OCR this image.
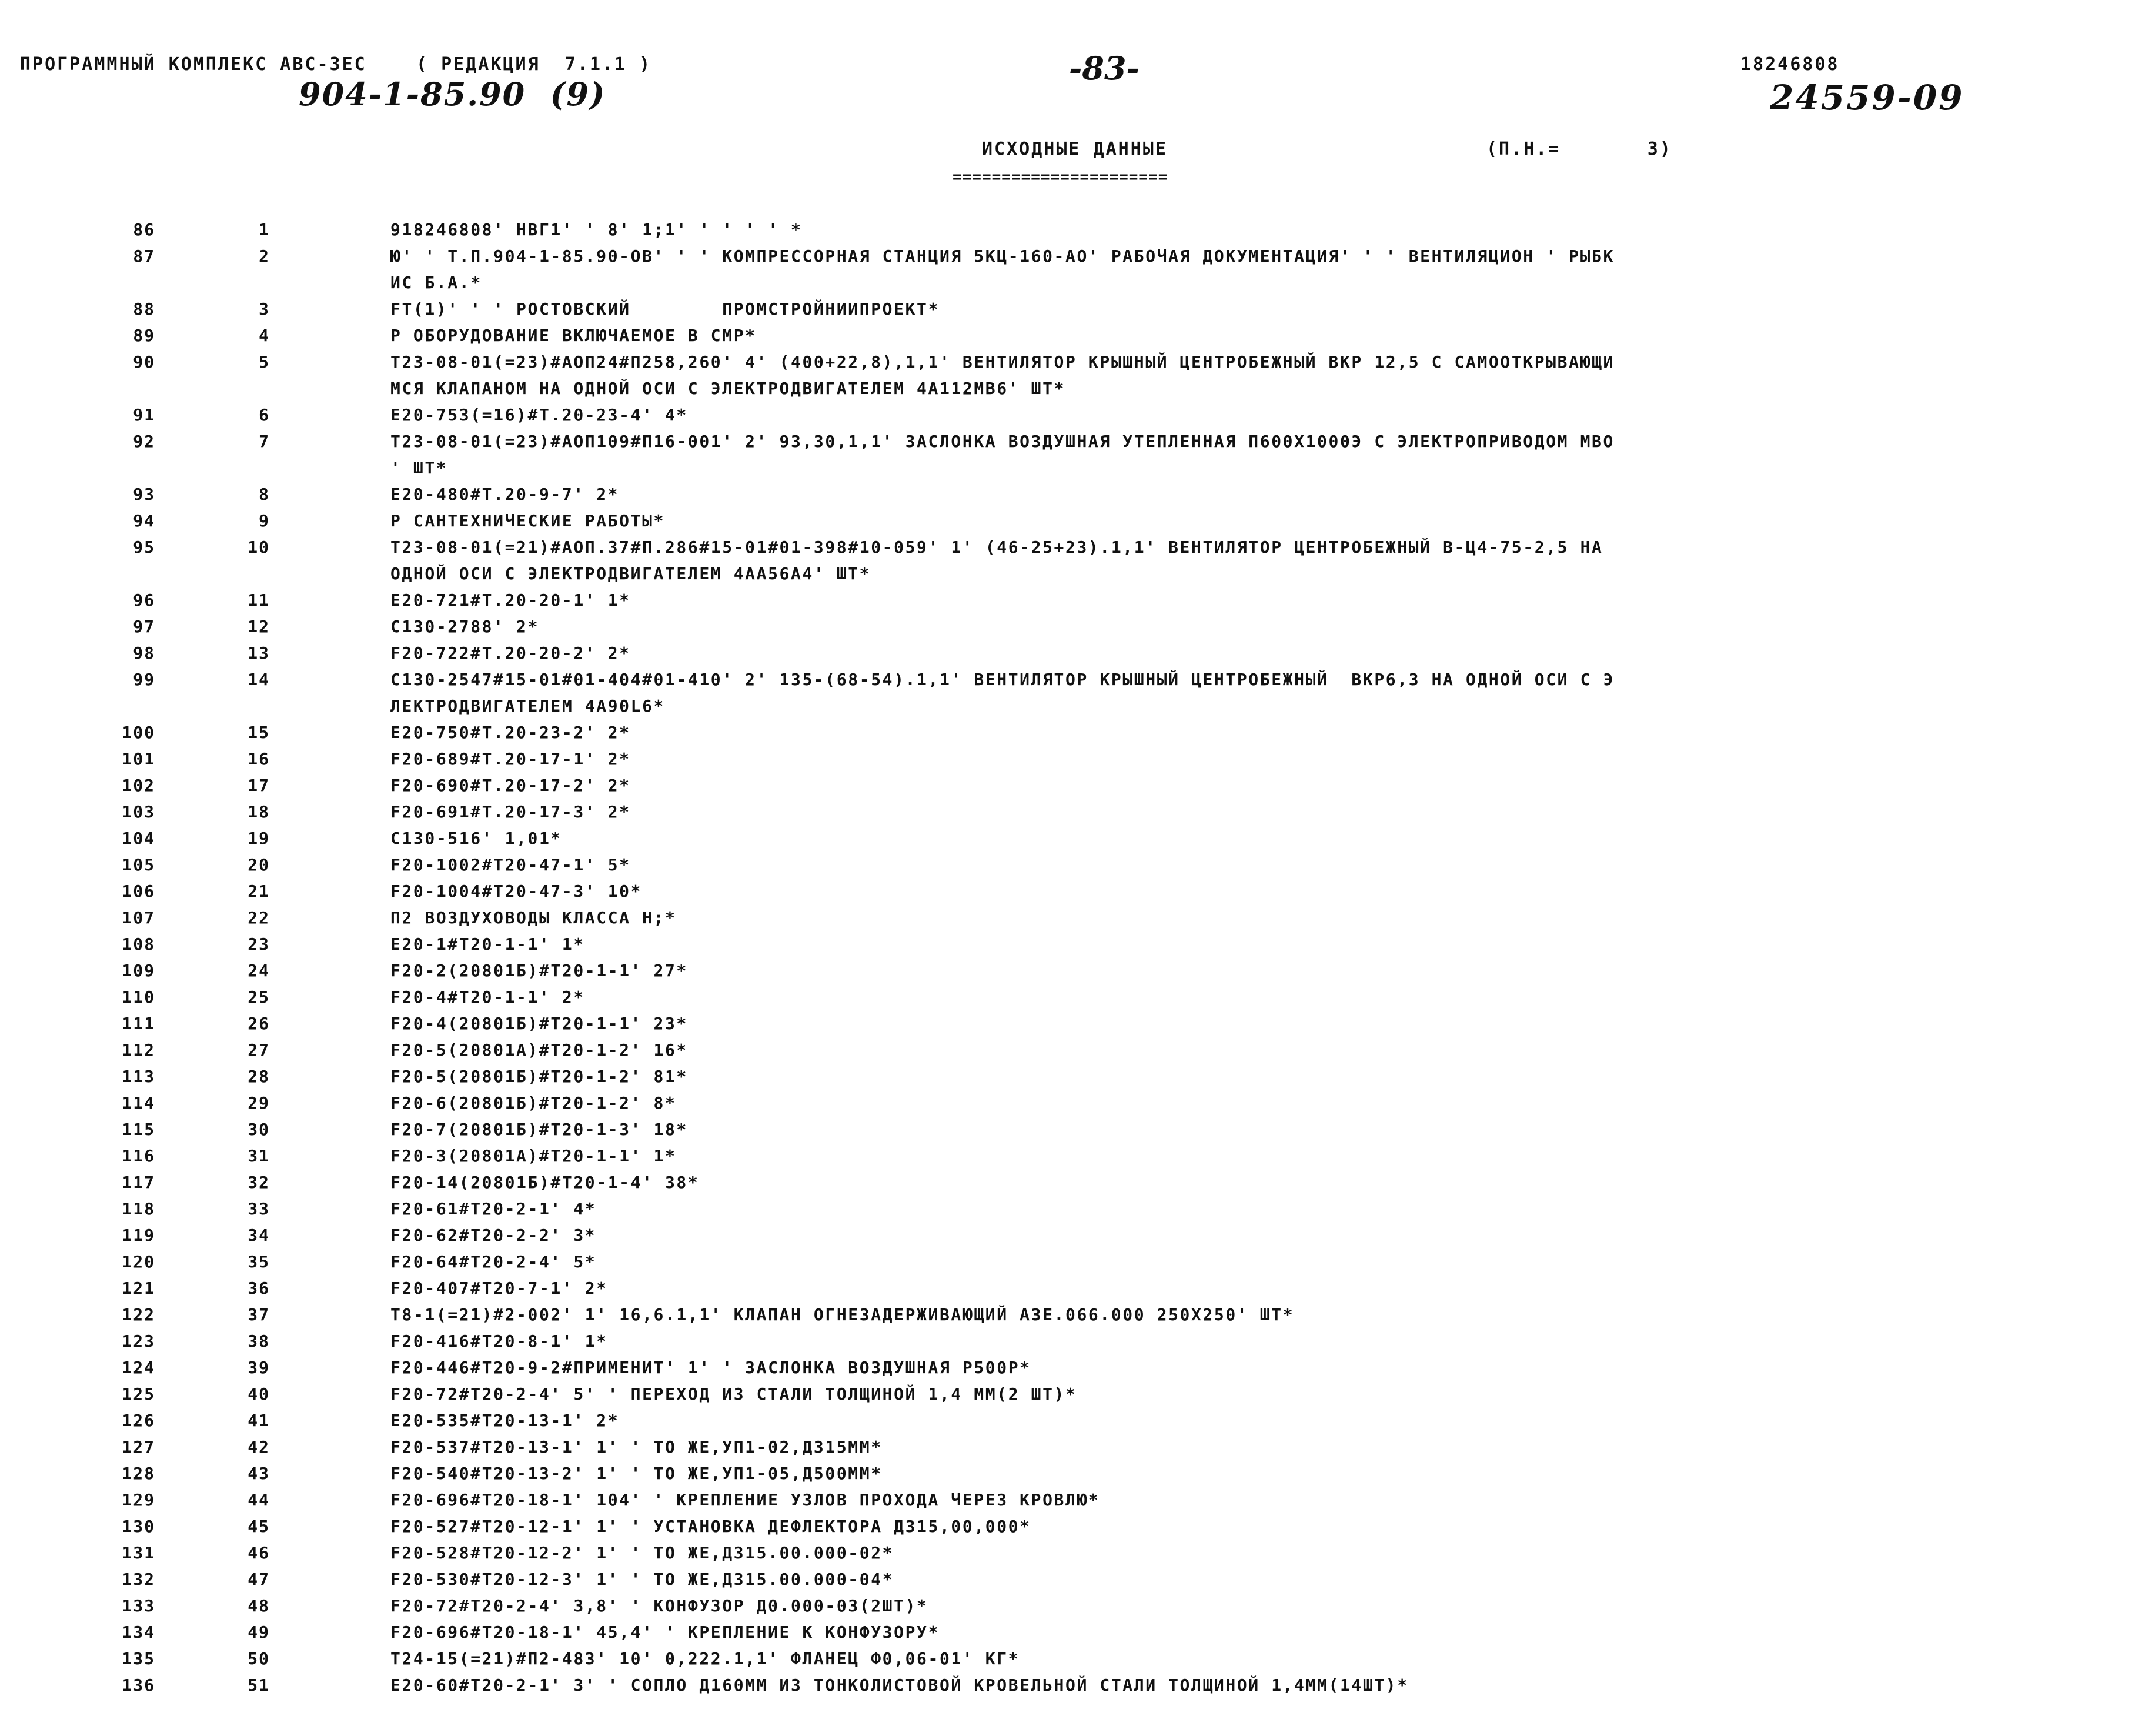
ПРОГРАММНЫЙ КОМПЛЕКС АВС-ЗЕС    ( РЕДАКЦИЯ  7.1.1 )
904-1-85.90  (9)
-83-	18246808
24559-09
ИСХОДНЫЕ ДАННЫЕ
======================
(П.Н.=       3)
86	1	918246808' НВГ1' ' 8' 1;1' ' ' ' ' *
87	2	Ю' ' Т.П.904-1-85.90-ОВ' ' ' КОМПРЕССОРНАЯ СТАНЦИЯ 5КЦ-160-АО' РАБОЧАЯ ДОКУМЕНТАЦИЯ' ' ' ВЕНТИЛЯЦИОН ' РЫБК
ИС Б.А.*
88	3	FT(1)' ' ' РОСТОВСКИЙ        ПРОМСТРОЙНИИПРОЕКТ*
89	4	Р ОБОРУДОВАНИЕ ВКЛЮЧАЕМОЕ В СМР*
90	5	Т23-08-01(=23)#АОП24#П258,260' 4' (400+22,8),1,1' ВЕНТИЛЯТОР КРЫШНЫЙ ЦЕНТРОБЕЖНЫЙ ВКР 12,5 С САМООТКРЫВАЮЩИ
МСЯ КЛАПАНОМ НА ОДНОЙ ОСИ С ЭЛЕКТРОДВИГАТЕЛЕМ 4А112МВ6' ШТ*
91	6	Е20-753(=16)#Т.20-23-4' 4*
92	7	Т23-08-01(=23)#АОП109#П16-001' 2' 93,30,1,1' ЗАСЛОНКА ВОЗДУШНАЯ УТЕПЛЕННАЯ П600Х1000Э С ЭЛЕКТРОПРИВОДОМ МВО
' ШТ*
93	8	Е20-480#Т.20-9-7' 2*
94	9	Р САНТЕХНИЧЕСКИЕ РАБОТЫ*
95	10	Т23-08-01(=21)#АОП.37#П.286#15-01#01-398#10-059' 1' (46-25+23).1,1' ВЕНТИЛЯТОР ЦЕНТРОБЕЖНЫЙ В-Ц4-75-2,5 НА
ОДНОЙ ОСИ С ЭЛЕКТРОДВИГАТЕЛЕМ 4АА56А4' ШТ*
96	11	Е20-721#Т.20-20-1' 1*
97	12	С130-2788' 2*
98	13	F20-722#Т.20-20-2' 2*
99	14	С130-2547#15-01#01-404#01-410' 2' 135-(68-54).1,1' ВЕНТИЛЯТОР КРЫШНЫЙ ЦЕНТРОБЕЖНЫЙ  ВКР6,3 НА ОДНОЙ ОСИ С Э
ЛЕКТРОДВИГАТЕЛЕМ 4А90L6*
100	15	Е20-750#Т.20-23-2' 2*
101	16	F20-689#Т.20-17-1' 2*
102	17	F20-690#Т.20-17-2' 2*
103	18	F20-691#Т.20-17-3' 2*
104	19	С130-516' 1,01*
105	20	F20-1002#Т20-47-1' 5*
106	21	F20-1004#Т20-47-3' 10*
107	22	П2 ВОЗДУХОВОДЫ КЛАССА Н;*
108	23	Е20-1#Т20-1-1' 1*
109	24	F20-2(20801Б)#Т20-1-1' 27*
110	25	F20-4#Т20-1-1' 2*
111	26	F20-4(20801Б)#Т20-1-1' 23*
112	27	F20-5(20801А)#Т20-1-2' 16*
113	28	F20-5(20801Б)#Т20-1-2' 81*
114	29	F20-6(20801Б)#Т20-1-2' 8*
115	30	F20-7(20801Б)#Т20-1-3' 18*
116	31	F20-3(20801А)#Т20-1-1' 1*
117	32	F20-14(20801Б)#Т20-1-4' 38*
118	33	F20-61#Т20-2-1' 4*
119	34	F20-62#Т20-2-2' 3*
120	35	F20-64#Т20-2-4' 5*
121	36	F20-407#Т20-7-1' 2*
122	37	Т8-1(=21)#2-002' 1' 16,6.1,1' КЛАПАН ОГНЕЗАДЕРЖИВАЮЩИЙ АЗЕ.066.000 250Х250' ШТ*
123	38	F20-416#Т20-8-1' 1*
124	39	F20-446#Т20-9-2#ПРИМЕНИТ' 1' ' ЗАСЛОНКА ВОЗДУШНАЯ Р500Р*
125	40	F20-72#Т20-2-4' 5' ' ПЕРЕХОД ИЗ СТАЛИ ТОЛЩИНОЙ 1,4 ММ(2 ШТ)*
126	41	Е20-535#Т20-13-1' 2*
127	42	F20-537#Т20-13-1' 1' ' ТО ЖЕ,УП1-02,Д315ММ*
128	43	F20-540#Т20-13-2' 1' ' ТО ЖЕ,УП1-05,Д500ММ*
129	44	F20-696#Т20-18-1' 104' ' КРЕПЛЕНИЕ УЗЛОВ ПРОХОДА ЧЕРЕЗ КРОВЛЮ*
130	45	F20-527#Т20-12-1' 1' ' УСТАНОВКА ДЕФЛЕКТОРА Д315,00,000*
131	46	F20-528#Т20-12-2' 1' ' ТО ЖЕ,Д315.00.000-02*
132	47	F20-530#Т20-12-3' 1' ' ТО ЖЕ,Д315.00.000-04*
133	48	F20-72#Т20-2-4' 3,8' ' КОНФУЗОР Д0.000-03(2ШТ)*
134	49	F20-696#Т20-18-1' 45,4' ' КРЕПЛЕНИЕ К КОНФУЗОРУ*
135	50	Т24-15(=21)#П2-483' 10' 0,222.1,1' ФЛАНЕЦ Ф0,06-01' КГ*
136	51	Е20-60#Т20-2-1' 3' ' СОПЛО Д160ММ ИЗ ТОНКОЛИСТОВОЙ КРОВЕЛЬНОЙ СТАЛИ ТОЛЩИНОЙ 1,4ММ(14ШТ)*
